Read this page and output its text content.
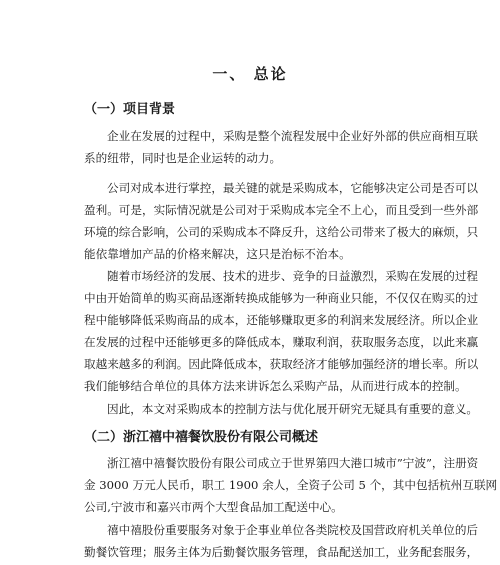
一、 总论
（一）项目背景
企业在发展的过程中，采购是整个流程发展中企业好外部的供应商相互联
系的纽带，同时也是企业运转的动力。
公司对成本进行掌控，最关键的就是采购成本，它能够决定公司是否可以
盈利。可是，实际情况就是公司对于采购成本完全不上心，而且受到一些外部
环境的综合影响，公司的采购成本不降反升，这给公司带来了极大的麻烦，只
能依靠增加产品的价格来解决，这只是治标不治本。
随着市场经济的发展、技术的进步、竞争的日益激烈，采购在发展的过程
中由开始简单的购买商品逐渐转换成能够为一种商业只能，不仅仅在购买的过
程中能够降低采购商品的成本，还能够赚取更多的利润来发展经济。所以企业
在发展的过程中还能够更多的降低成本，赚取利润，获取服务态度，以此来赢
取越来越多的利润。因此降低成本，获取经济才能够加强经济的增长率。所以
我们能够结合单位的具体方法来讲诉怎么采购产品，从而进行成本的控制。
因此，本文对采购成本的控制方法与优化展开研究无疑具有重要的意义。
（二）浙江禧中禧餐饮股份有限公司概述
浙江禧中禧餐饮股份有限公司成立于世界第四大港口城市”宁波”，注册资
金 3000 万元人民币，职工 1900 余人，全资子公司 5 个，其中包括杭州互联网
公司,宁波市和嘉兴市两个大型食品加工配送中心。
禧中禧股份重要服务对象于企事业单位各类院校及国营政府机关单位的后
勤餐饮管理；服务主体为后勤餐饮服务管理，食品配送加工，业务配套服务，
